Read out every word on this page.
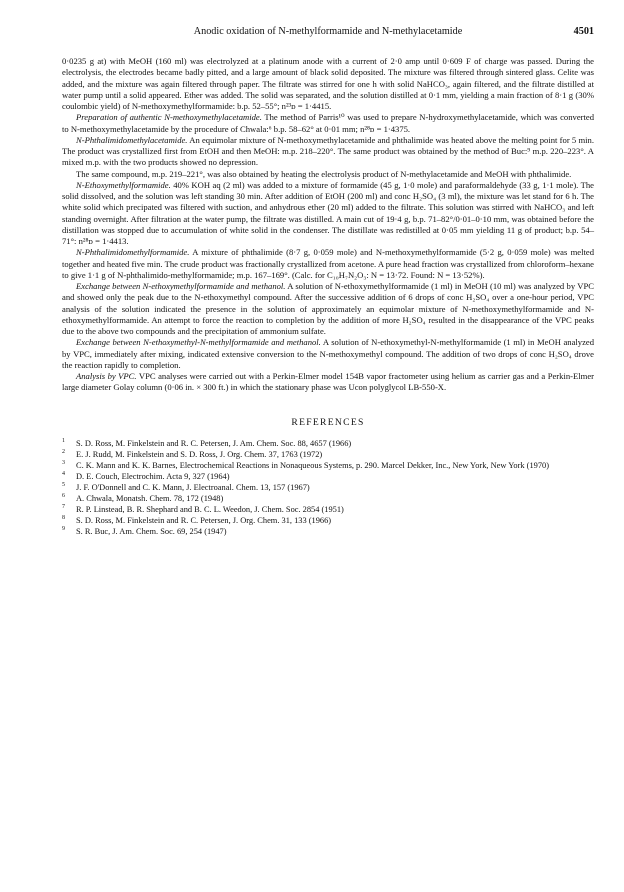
Anodic oxidation of N-methylformamide and N-methylacetamide	4501

0·0235 g at) with MeOH (160 ml) was electrolyzed at a platinum anode with a current of 2·0 amp until 0·609 F of charge was passed. During the electrolysis, the electrodes became badly pitted, and a large amount of black solid deposited. The mixture was filtered through sintered glass. Celite was added, and the mixture was again filtered through paper. The filtrate was stirred for one h with solid NaHCO₃, again filtered, and the filtrate distilled at water pump until a solid appeared. Ether was added. The solid was separated, and the solution distilled at 0·1 mm, yielding a main fraction of 8·1 g (30% coulombic yield) of N-methoxymethylformamide: b.p. 52–55°; n²³ᴅ = 1·4415.

Preparation of authentic N-methoxymethylacetamide. The method of Parris¹⁰ was used to prepare N-hydroxymethylacetamide, which was converted to N-methoxymethylacetamide by the procedure of Chwala:⁶ b.p. 58–62° at 0·01 mm; n²⁸ᴅ = 1·4375.

N-Phthalimidomethylacetamide. An equimolar mixture of N-methoxymethylacetamide and phthalimide was heated above the melting point for 5 min. The product was crystallized first from EtOH and then MeOH: m.p. 218–220°. The same product was obtained by the method of Buc:⁹ m.p. 220–223°. A mixed m.p. with the two products showed no depression.

The same compound, m.p. 219–221°, was also obtained by heating the electrolysis product of N-methylacetamide and MeOH with phthalimide.

N-Ethoxymethylformamide. 40% KOH aq (2 ml) was added to a mixture of formamide (45 g, 1·0 mole) and paraformaldehyde (33 g, 1·1 mole). The solid dissolved, and the solution was left standing 30 min. After addition of EtOH (200 ml) and conc H₂SO₄ (3 ml), the mixture was let stand for 6 h. The white solid which precipated was filtered with suction, and anhydrous ether (20 ml) added to the filtrate. This solution was stirred with NaHCO₃ and left standing overnight. After filtration at the water pump, the filtrate was distilled. A main cut of 19·4 g, b.p. 71–82°/0·01–0·10 mm, was obtained before the distillation was stopped due to accumulation of white solid in the condenser. The distillate was redistilled at 0·05 mm yielding 11 g of product; b.p. 54–71°: n²⁸ᴅ = 1·4413.

N-Phthalimidomethylformamide. A mixture of phthalimide (8·7 g, 0·059 mole) and N-methoxymethylformamide (5·2 g, 0·059 mole) was melted together and heated five min. The crude product was fractionally crystallized from acetone. A pure head fraction was crystallized from chloroform–hexane to give 1·1 g of N-phthalimido-methylformamide; m.p. 167–169°. (Calc. for C₁₀H₇N₂O₃: N = 13·72. Found: N = 13·52%).

Exchange between N-ethoxymethylformamide and methanol. A solution of N-ethoxymethylformamide (1 ml) in MeOH (10 ml) was analyzed by VPC and showed only the peak due to the N-ethoxymethyl compound. After the successive addition of 6 drops of conc H₂SO₄ over a one-hour period, VPC analysis of the solution indicated the presence in the solution of approximately an equimolar mixture of N-methoxymethylformamide and N-ethoxymethylformamide. An attempt to force the reaction to completion by the addition of more H₂SO₄ resulted in the disappearance of the VPC peaks due to the above two compounds and the precipitation of ammonium sulfate.

Exchange between N-ethoxymethyl-N-methylformamide and methanol. A solution of N-ethoxymethyl-N-methylformamide (1 ml) in MeOH analyzed by VPC, immediately after mixing, indicated extensive conversion to the N-methoxymethyl compound. The addition of two drops of conc H₂SO₄ drove the reaction rapidly to completion.

Analysis by VPC. VPC analyses were carried out with a Perkin-Elmer model 154B vapor fractometer using helium as carrier gas and a Perkin-Elmer large diameter Golay column (0·06 in. × 300 ft.) in which the stationary phase was Ucon polyglycol LB-550-X.

REFERENCES
1 S. D. Ross, M. Finkelstein and R. C. Petersen, J. Am. Chem. Soc. 88, 4657 (1966)
2 E. J. Rudd, M. Finkelstein and S. D. Ross, J. Org. Chem. 37, 1763 (1972)
3 C. K. Mann and K. K. Barnes, Electrochemical Reactions in Nonaqueous Systems, p. 290. Marcel Dekker, Inc., New York, New York (1970)
4 D. E. Couch, Electrochim. Acta 9, 327 (1964)
5 J. F. O'Donnell and C. K. Mann, J. Electroanal. Chem. 13, 157 (1967)
6 A. Chwala, Monatsh. Chem. 78, 172 (1948)
7 R. P. Linstead, B. R. Shephard and B. C. L. Weedon, J. Chem. Soc. 2854 (1951)
8 S. D. Ross, M. Finkelstein and R. C. Petersen, J. Org. Chem. 31, 133 (1966)
9 S. R. Buc, J. Am. Chem. Soc. 69, 254 (1947)
